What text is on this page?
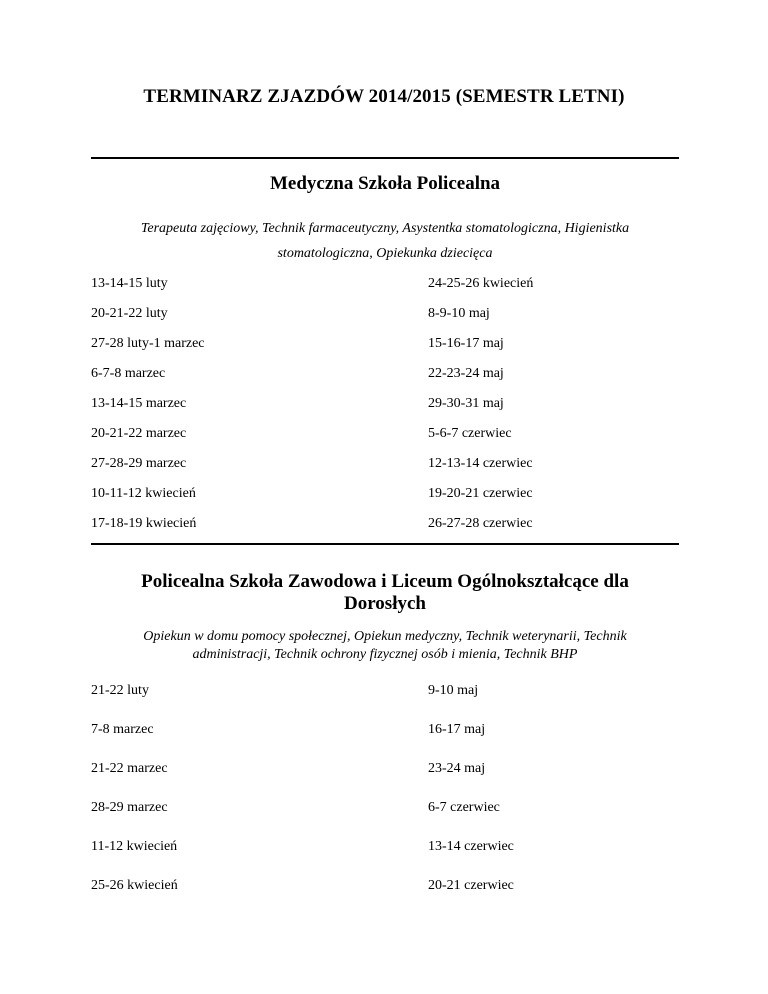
TERMINARZ ZJAZDÓW 2014/2015 (SEMESTR LETNI)
Medyczna Szkoła Policealna
Terapeuta zajęciowy, Technik farmaceutyczny, Asystentka stomatologiczna, Higienistka
stomatologiczna, Opiekunka dziecięca
13-14-15 luty	24-25-26 kwiecień
20-21-22 luty	8-9-10 maj
27-28 luty-1 marzec	15-16-17 maj
6-7-8 marzec	22-23-24 maj
13-14-15 marzec	29-30-31 maj
20-21-22 marzec	5-6-7 czerwiec
27-28-29 marzec	12-13-14 czerwiec
10-11-12 kwiecień	19-20-21 czerwiec
17-18-19 kwiecień	26-27-28 czerwiec
Policealna Szkoła Zawodowa i Liceum Ogólnokształcące dla
Dorosłych
Opiekun w domu pomocy społecznej, Opiekun medyczny, Technik weterynarii, Technik
administracji, Technik ochrony fizycznej osób i mienia, Technik BHP
21-22 luty	9-10 maj
7-8 marzec	16-17 maj
21-22 marzec	23-24 maj
28-29 marzec	6-7 czerwiec
11-12 kwiecień	13-14 czerwiec
25-26 kwiecień	20-21 czerwiec
